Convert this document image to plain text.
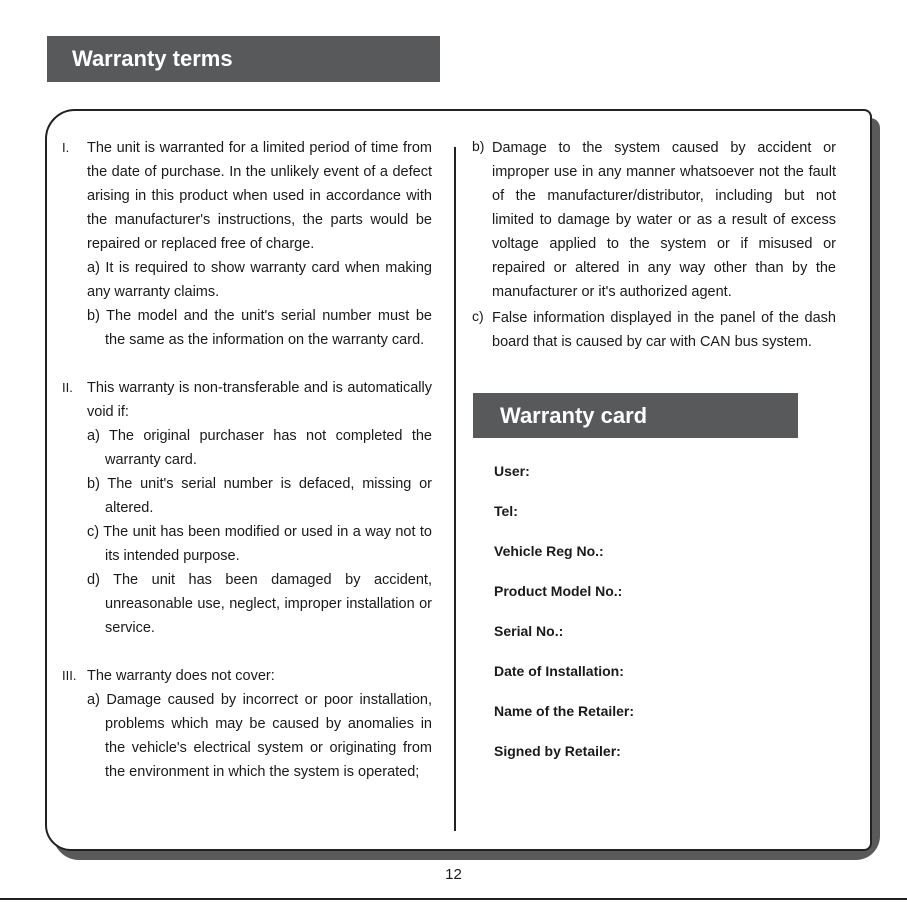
Warranty terms
I. The unit is warranted for a limited period of time from the date of purchase. In the unlikely event of a defect arising in this product when used in accordance with the manufacturer's instructions, the parts would be repaired or replaced free of charge.
a) It is required to show warranty card when making any warranty claims.
b) The model and the unit's serial number must be the same as the information on the warranty card.
II. This warranty is non-transferable and is automatically void if:
a) The original purchaser has not completed the warranty card.
b) The unit's serial number is defaced, missing or altered.
c) The unit has been modified or used in a way not to its intended purpose.
d) The unit has been damaged by accident, unreasonable use, neglect, improper installation or service.
III. The warranty does not cover:
a) Damage caused by incorrect or poor installation, problems which may be caused by anomalies in the vehicle's electrical system or originating from the environment in which the system is operated;
b) Damage to the system caused by accident or improper use in any manner whatsoever not the fault of the manufacturer/distributor, including but not limited to damage by water or as a result of excess voltage applied to the system or if misused or repaired or altered in any way other than by the manufacturer or it's authorized agent.
c) False information displayed in the panel of the dash board that is caused by car with CAN bus system.
Warranty card
User:
Tel:
Vehicle Reg No.:
Product Model No.:
Serial No.:
Date of Installation:
Name of the Retailer:
Signed by Retailer:
12
